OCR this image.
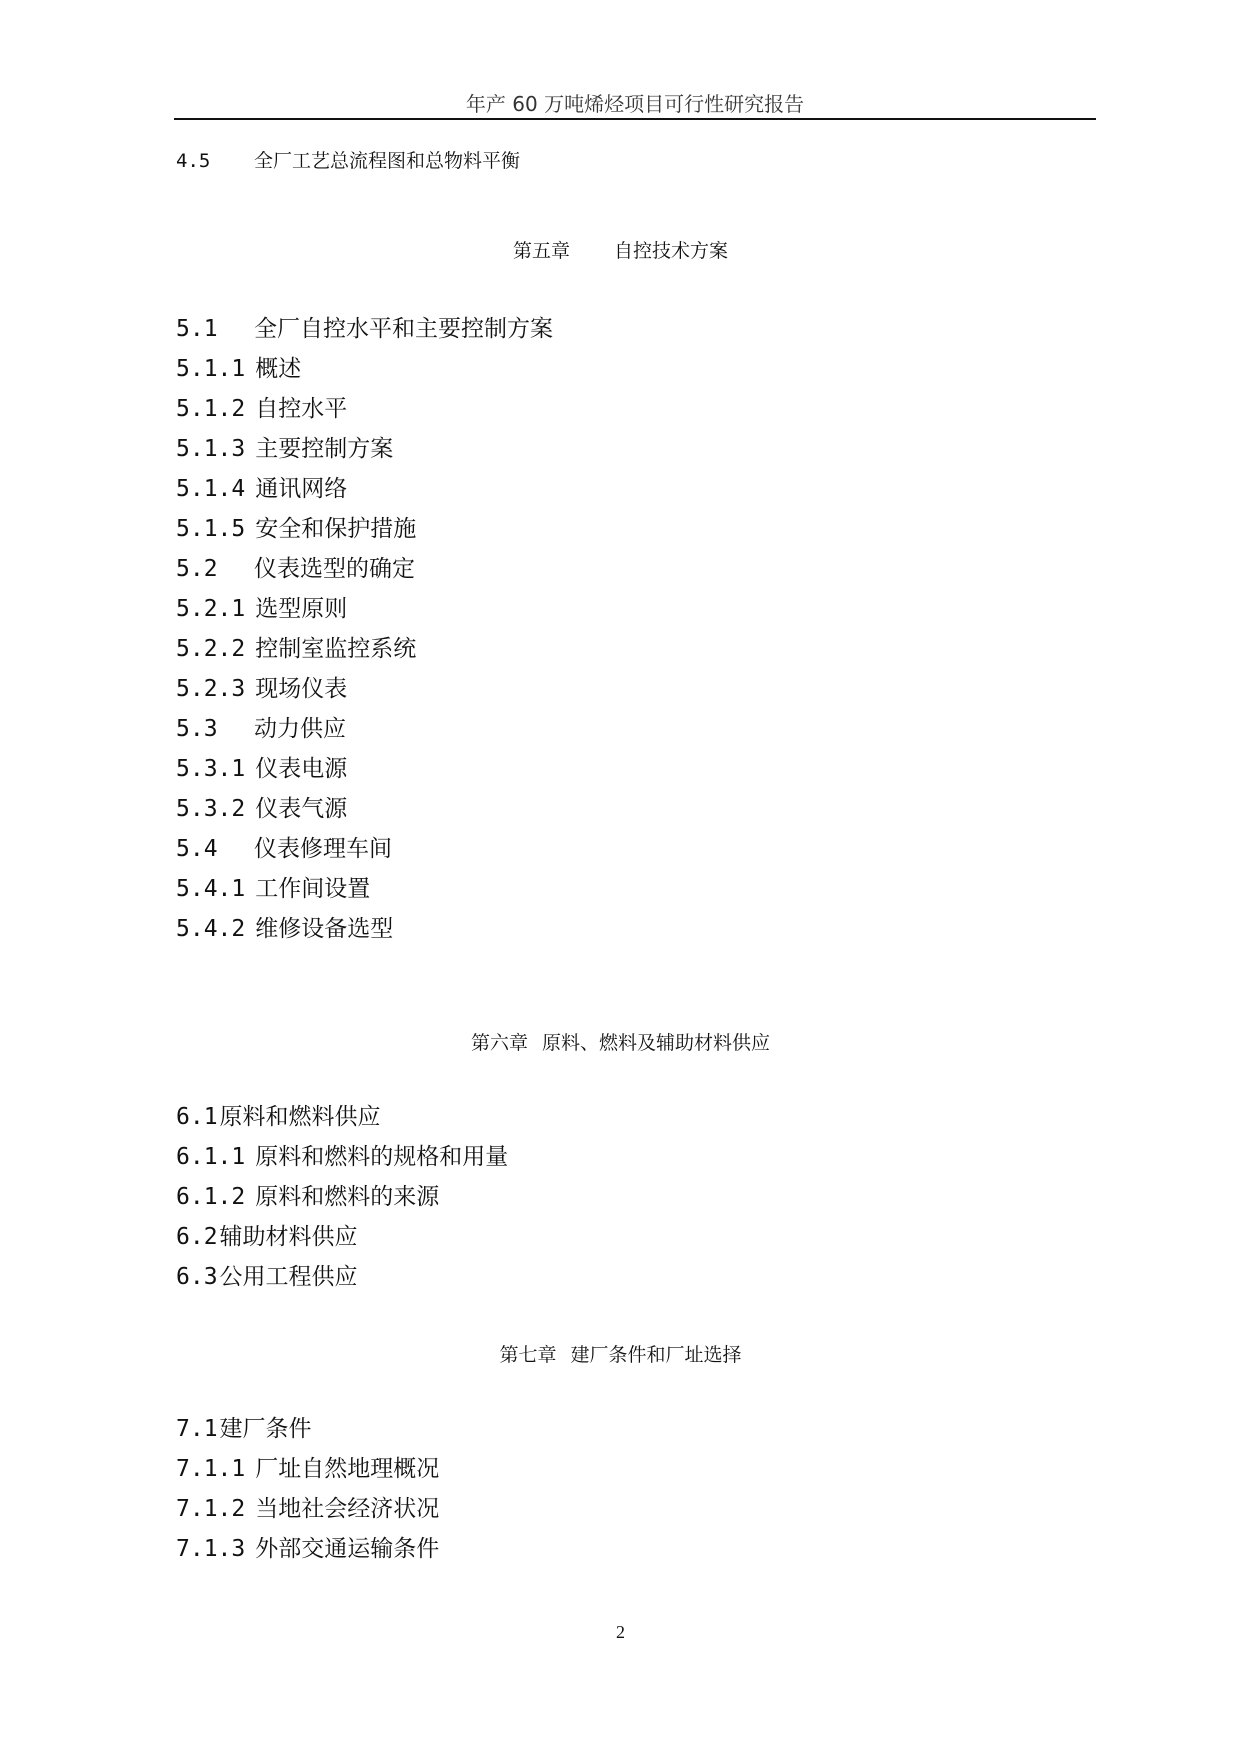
年产 60 万吨烯烃项目可行性研究报告
4.5 全厂工艺总流程图和总物料平衡
第五章 自控技术方案
5.1 全厂自控水平和主要控制方案
5.1.1 概述
5.1.2 自控水平
5.1.3 主要控制方案
5.1.4 通讯网络
5.1.5 安全和保护措施
5.2 仪表选型的确定
5.2.1 选型原则
5.2.2 控制室监控系统
5.2.3 现场仪表
5.3 动力供应
5.3.1 仪表电源
5.3.2 仪表气源
5.4 仪表修理车间
5.4.1 工作间设置
5.4.2 维修设备选型
第六章 原料、燃料及辅助材料供应
6.1原料和燃料供应
6.1.1 原料和燃料的规格和用量
6.1.2 原料和燃料的来源
6.2辅助材料供应
6.3公用工程供应
第七章 建厂条件和厂址选择
7.1建厂条件
7.1.1 厂址自然地理概况
7.1.2 当地社会经济状况
7.1.3 外部交通运输条件
2
